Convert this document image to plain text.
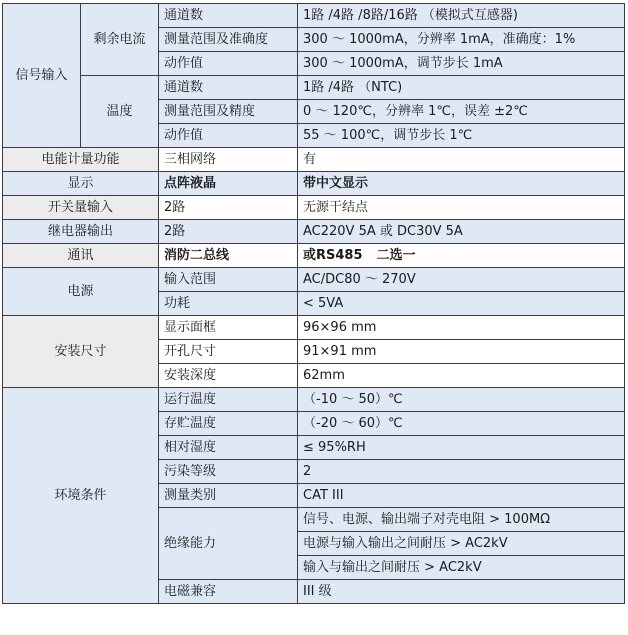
信号输入	剩余电流	通道数	1路 /4路 /8路/16路 （模拟式互感器)
		测量范围及准确度	300 ～ 1000mA，分辨率 1mA，准确度：1%
		动作值	300 ～ 1000mA，调节步长 1mA
	温度	通道数	1路 /4路 （NTC)
		测量范围及精度	0 ～ 120℃，分辨率 1℃，误差 ±2℃
		动作值	55 ～ 100℃，调节步长 1℃
电能计量功能		三相网络	有
显示		点阵液晶	带中文显示
开关量输入		2路	无源干结点
继电器输出		2路	AC220V 5A 或 DC30V 5A
通讯		消防二总线	或RS485 二选一
电源		输入范围	AC/DC80 ～ 270V
		功耗	< 5VA
安装尺寸		显示面框	96×96 mm
		开孔尺寸	91×91 mm
		安装深度	62mm
环境条件		运行温度	（-10 ～ 50）℃
		存贮温度	（-20 ～ 60）℃
		相对湿度	≤ 95%RH
		污染等级	2
		测量类别	CAT III
		绝缘能力	信号、电源、输出端子对壳电阻 > 100MΩ
			电源与输入输出之间耐压 > AC2kV
			输入与输出之间耐压 > AC2kV
		电磁兼容	III 级
